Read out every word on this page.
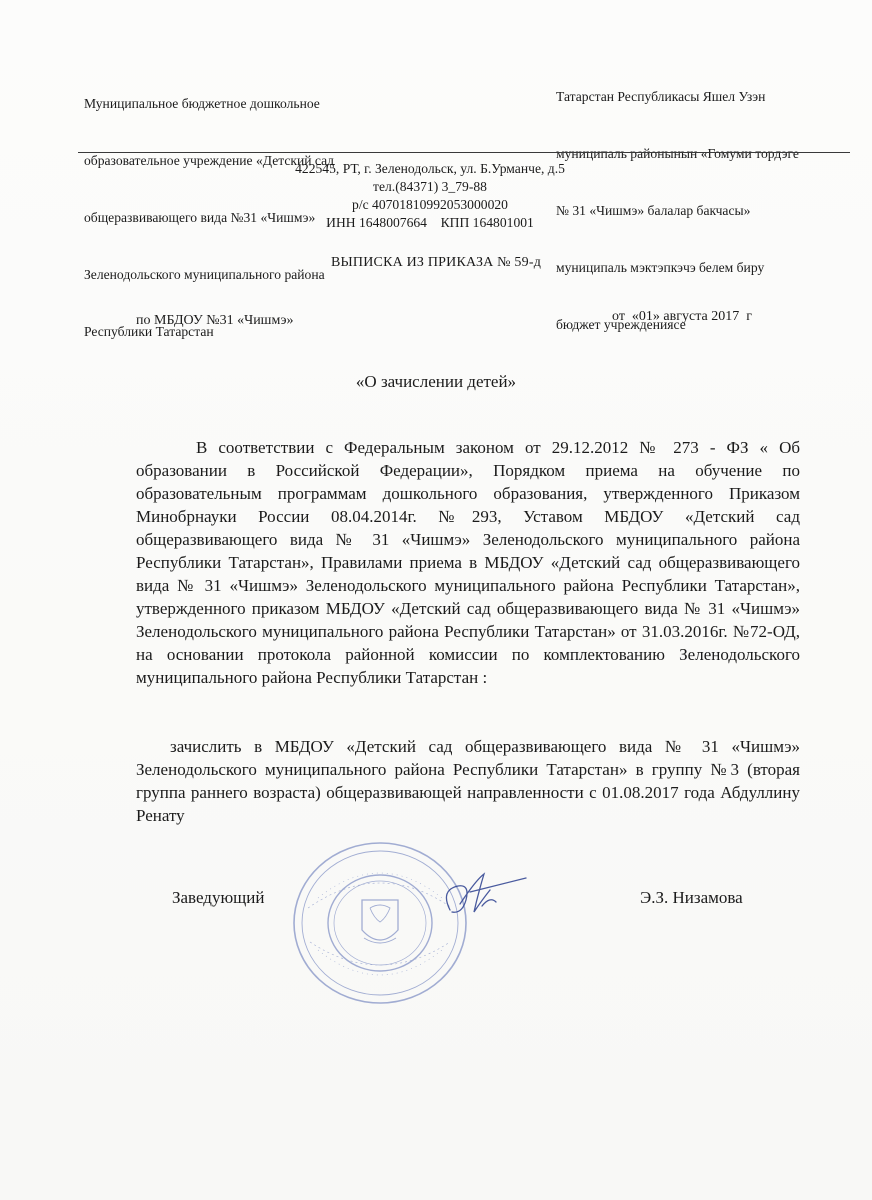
Муниципальное бюджетное дошкольное

образовательное учреждение «Детский сад

общеразвивающего вида №31 «Чишмэ»

Зеленодольского муниципального района

Республики Татарстан

Татарстан Республикасы Яшел Узэн

муниципаль районынын «Гомуми тордэге

№ 31 «Чишмэ» балалар бакчасы»

муниципаль мэктэпкэчэ белем биру

бюджет учреждениясе

422545, РТ, г. Зеленодольск, ул. Б.Урманче, д.5
тел.(84371) 3_79-88
р/с 40701810992053000020
ИНН 1648007664    КПП 164801001
ВЫПИСКА ИЗ ПРИКАЗА № 59-д
по МБДОУ №31 «Чишмэ»	от  «01» августа 2017  г
«О зачислении детей»

В соответствии с Федеральным законом от 29.12.2012 № 273 - ФЗ « Об образовании в Российской Федерации», Порядком приема на обучение по образовательным программам дошкольного образования, утвержденного Приказом Минобрнауки России 08.04.2014г. №293, Уставом МБДОУ «Детский сад общеразвивающего вида № 31 «Чишмэ» Зеленодольского муниципального района Республики Татарстан», Правилами приема в МБДОУ «Детский сад общеразвивающего вида № 31 «Чишмэ» Зеленодольского муниципального района Республики Татарстан», утвержденного приказом МБДОУ «Детский сад общеразвивающего вида № 31 «Чишмэ» Зеленодольского муниципального района Республики Татарстан» от 31.03.2016г. №72-ОД, на основании протокола районной комиссии по комплектованию Зеленодольского муниципального района Республики Татарстан :

зачислить в МБДОУ «Детский сад общеразвивающего вида № 31 «Чишмэ» Зеленодольского муниципального района Республики Татарстан» в группу №3 (вторая группа раннего возраста) общеразвивающей направленности с 01.08.2017 года Абдуллину Ренату

Заведующий	Э.З. Низамова
